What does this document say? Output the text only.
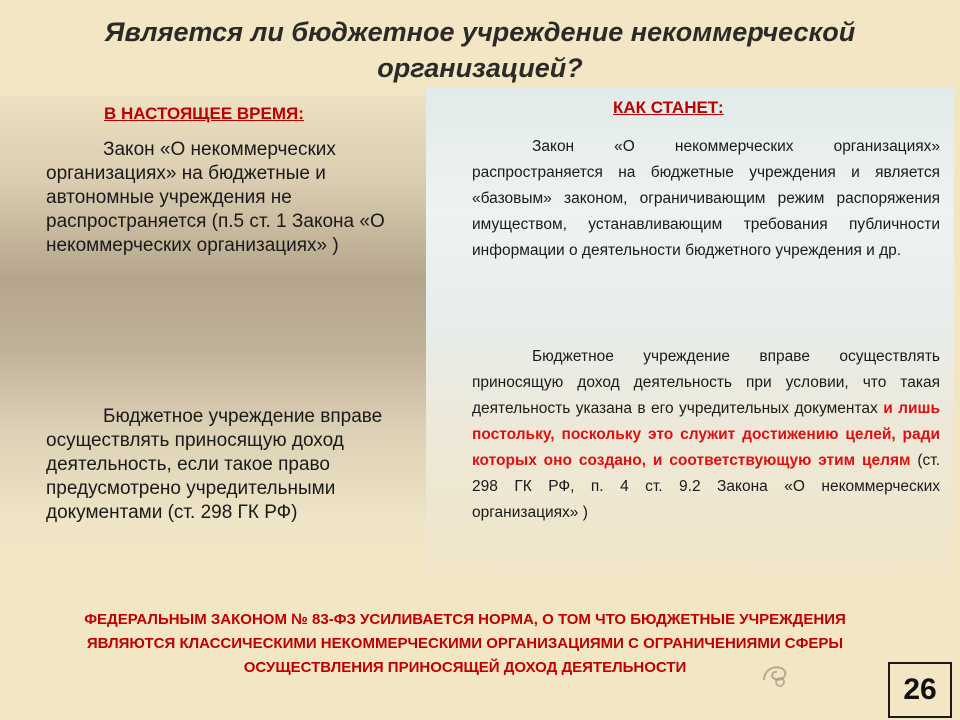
Является ли бюджетное учреждение некоммерческой организацией?
В НАСТОЯЩЕЕ ВРЕМЯ:

Закон «О некоммерческих организациях» на бюджетные и автономные учреждения не распространяется (п.5 ст. 1 Закона «О некоммерческих организациях» )

Бюджетное учреждение вправе осуществлять приносящую доход деятельность, если такое право предусмотрено учредительными документами (ст. 298 ГК РФ)

КАК СТАНЕТ:

Закон «О некоммерческих организациях» распространяется на бюджетные учреждения и является «базовым» законом, ограничивающим режим распоряжения имуществом, устанавливающим требования публичности информации о деятельности бюджетного учреждения и др.

Бюджетное учреждение вправе осуществлять приносящую доход деятельность при условии, что такая деятельность указана в его учредительных документах и лишь постольку, поскольку это служит достижению целей, ради которых оно создано, и соответствующую этим целям (ст. 298 ГК РФ, п. 4 ст. 9.2 Закона «О некоммерческих организациях» )

ФЕДЕРАЛЬНЫМ ЗАКОНОМ № 83-ФЗ УСИЛИВАЕТСЯ НОРМА, О ТОМ ЧТО БЮДЖЕТНЫЕ УЧРЕЖДЕНИЯ ЯВЛЯЮТСЯ КЛАССИЧЕСКИМИ НЕКОММЕРЧЕСКИМИ ОРГАНИЗАЦИЯМИ С ОГРАНИЧЕНИЯМИ СФЕРЫ ОСУЩЕСТВЛЕНИЯ ПРИНОСЯЩЕЙ ДОХОД ДЕЯТЕЛЬНОСТИ

26
